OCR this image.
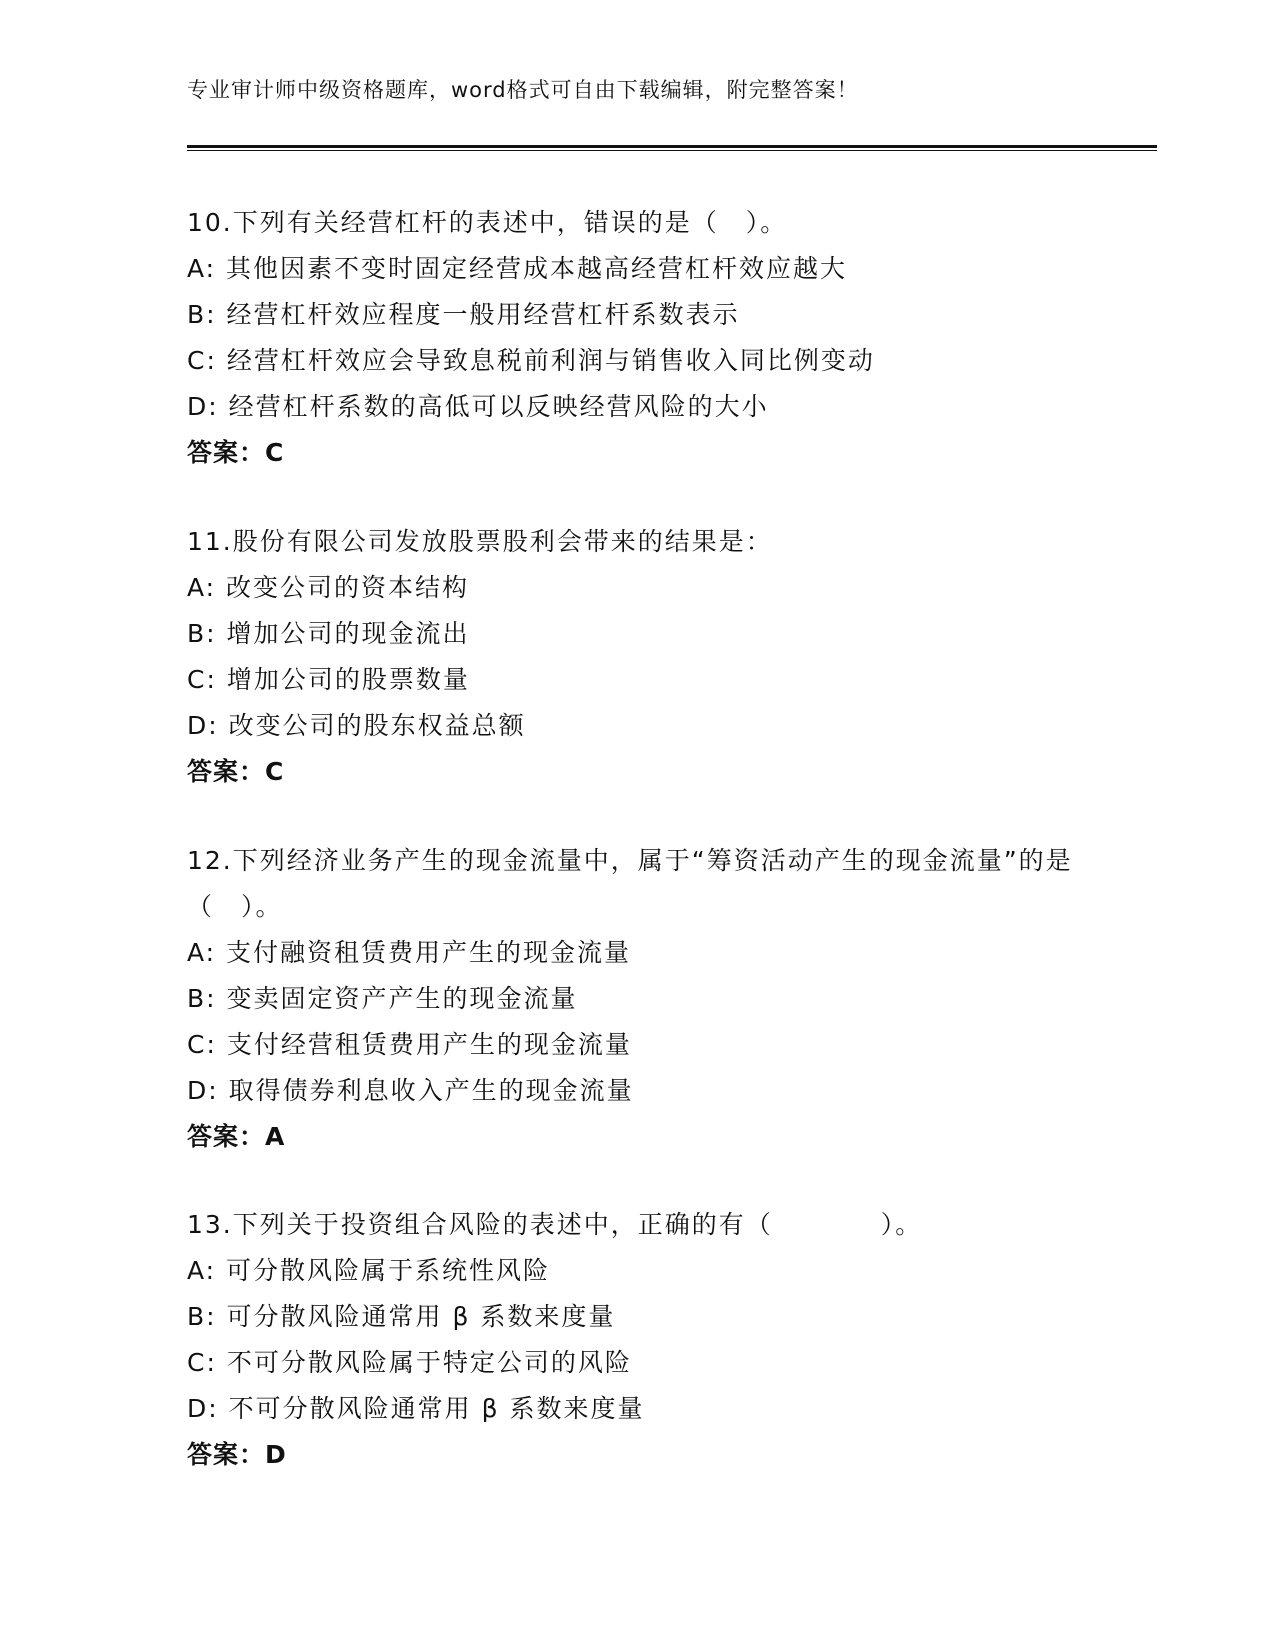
专业审计师中级资格题库，word格式可自由下载编辑，附完整答案！
10.下列有关经营杠杆的表述中，错误的是（　）。
A: 其他因素不变时固定经营成本越高经营杠杆效应越大
B: 经营杠杆效应程度一般用经营杠杆系数表示
C: 经营杠杆效应会导致息税前利润与销售收入同比例变动
D: 经营杠杆系数的高低可以反映经营风险的大小
答案：C
11.股份有限公司发放股票股利会带来的结果是：
A: 改变公司的资本结构
B: 增加公司的现金流出
C: 增加公司的股票数量
D: 改变公司的股东权益总额
答案：C
12.下列经济业务产生的现金流量中，属于“筹资活动产生的现金流量”的是（　）。
A: 支付融资租赁费用产生的现金流量
B: 变卖固定资产产生的现金流量
C: 支付经营租赁费用产生的现金流量
D: 取得债券利息收入产生的现金流量
答案：A
13.下列关于投资组合风险的表述中，正确的有（　　　　）。
A: 可分散风险属于系统性风险
B: 可分散风险通常用 β 系数来度量
C: 不可分散风险属于特定公司的风险
D: 不可分散风险通常用 β 系数来度量
答案：D
